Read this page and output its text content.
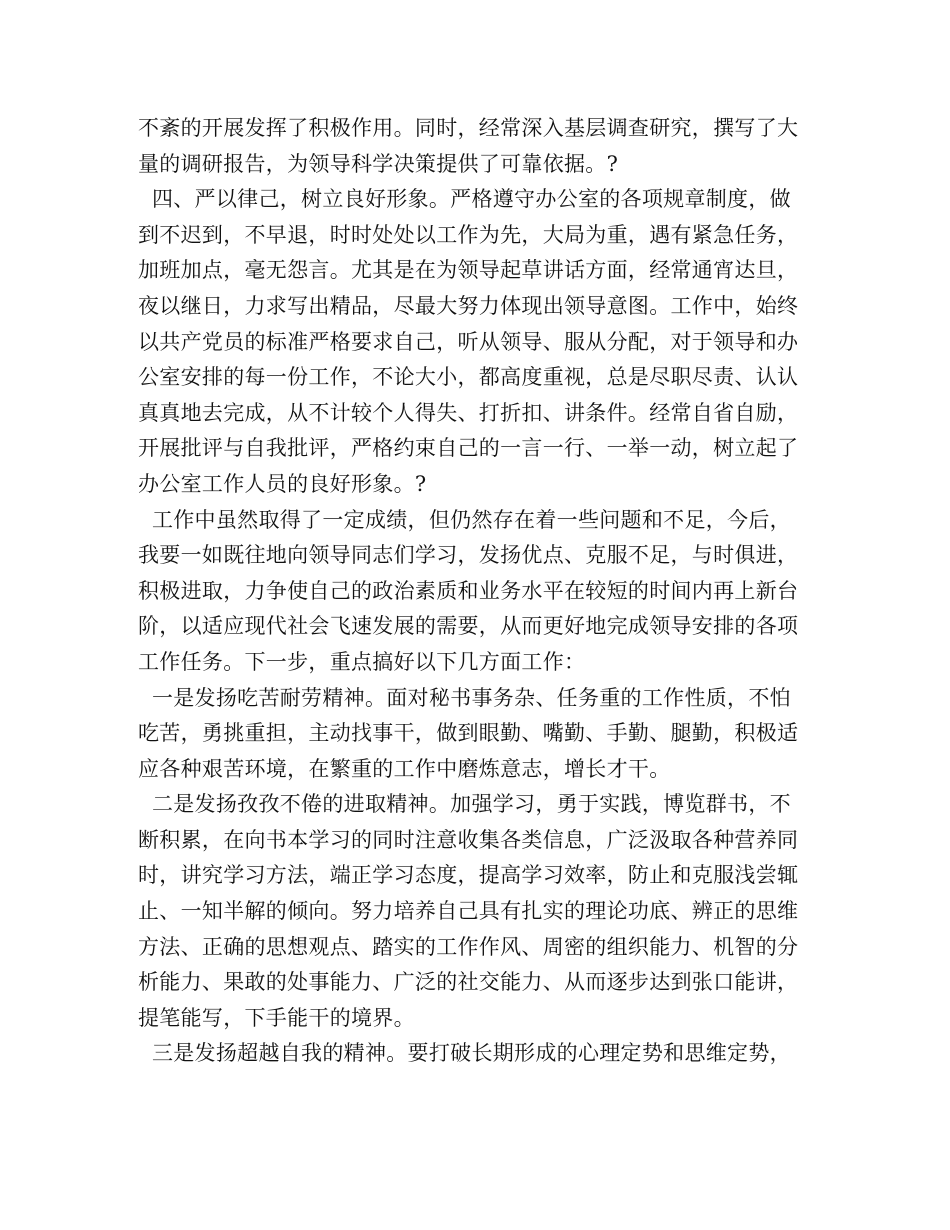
不紊的开展发挥了积极作用。同时，经常深入基层调查研究，撰写了大
量的调研报告，为领导科学决策提供了可靠依据。?
四、严以律己，树立良好形象。严格遵守办公室的各项规章制度，做
到不迟到，不早退，时时处处以工作为先，大局为重，遇有紧急任务，
加班加点，毫无怨言。尤其是在为领导起草讲话方面，经常通宵达旦，
夜以继日，力求写出精品，尽最大努力体现出领导意图。工作中，始终
以共产党员的标准严格要求自己，听从领导、服从分配，对于领导和办
公室安排的每一份工作，不论大小，都高度重视，总是尽职尽责、认认
真真地去完成，从不计较个人得失、打折扣、讲条件。经常自省自励，
开展批评与自我批评，严格约束自己的一言一行、一举一动，树立起了
办公室工作人员的良好形象。?
工作中虽然取得了一定成绩，但仍然存在着一些问题和不足，今后，
我要一如既往地向领导同志们学习，发扬优点、克服不足，与时俱进，
积极进取，力争使自己的政治素质和业务水平在较短的时间内再上新台
阶，以适应现代社会飞速发展的需要，从而更好地完成领导安排的各项
工作任务。下一步，重点搞好以下几方面工作：
一是发扬吃苦耐劳精神。面对秘书事务杂、任务重的工作性质，不怕
吃苦，勇挑重担，主动找事干，做到眼勤、嘴勤、手勤、腿勤，积极适
应各种艰苦环境，在繁重的工作中磨炼意志，增长才干。
二是发扬孜孜不倦的进取精神。加强学习，勇于实践，博览群书，不
断积累，在向书本学习的同时注意收集各类信息，广泛汲取各种营养同
时，讲究学习方法，端正学习态度，提高学习效率，防止和克服浅尝辄
止、一知半解的倾向。努力培养自己具有扎实的理论功底、辨正的思维
方法、正确的思想观点、踏实的工作作风、周密的组织能力、机智的分
析能力、果敢的处事能力、广泛的社交能力、从而逐步达到张口能讲，
提笔能写，下手能干的境界。
三是发扬超越自我的精神。要打破长期形成的心理定势和思维定势，
